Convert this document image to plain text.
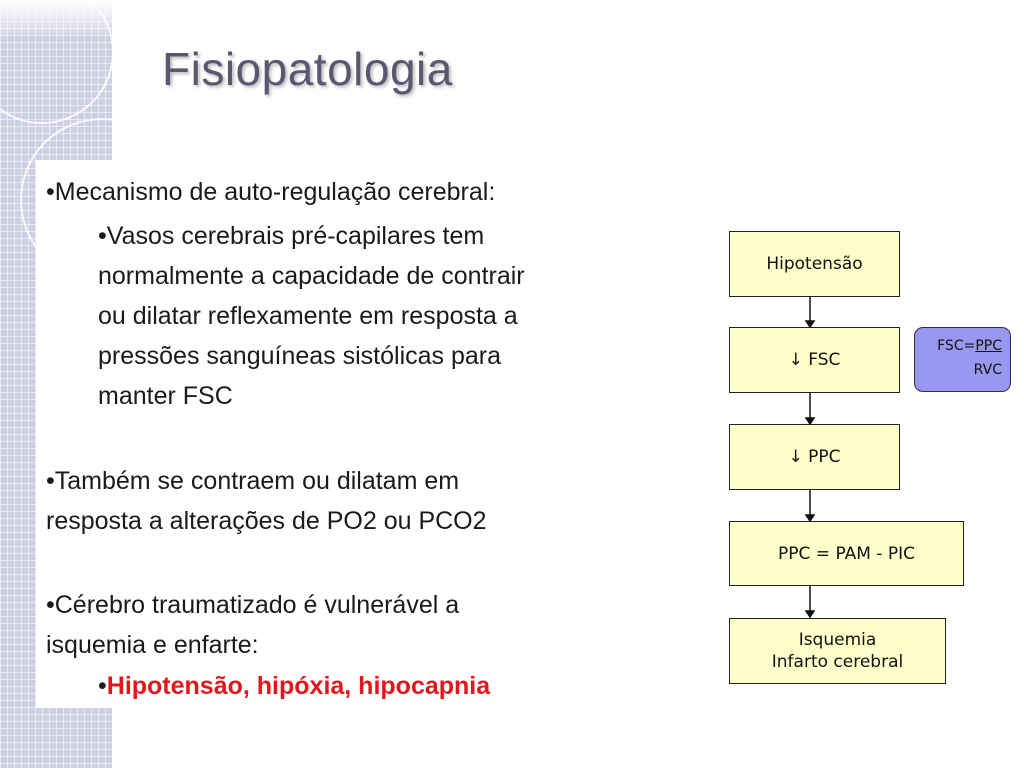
Fisiopatologia
•Mecanismo de auto-regulação cerebral:
•Vasos cerebrais pré-capilares tem
normalmente a capacidade de contrair
ou dilatar reflexamente em resposta a
pressões sanguíneas sistólicas para
manter FSC
•Também se contraem ou dilatam em
resposta a alterações de PO2 ou PCO2
•Cérebro traumatizado é vulnerável a
isquemia e enfarte:
•Hipotensão, hipóxia, hipocapnia
Hipotensão
↓ FSC
↓ PPC
PPC = PAM - PIC
Isquemia
Infarto cerebral
FSC=PPC
RVC
